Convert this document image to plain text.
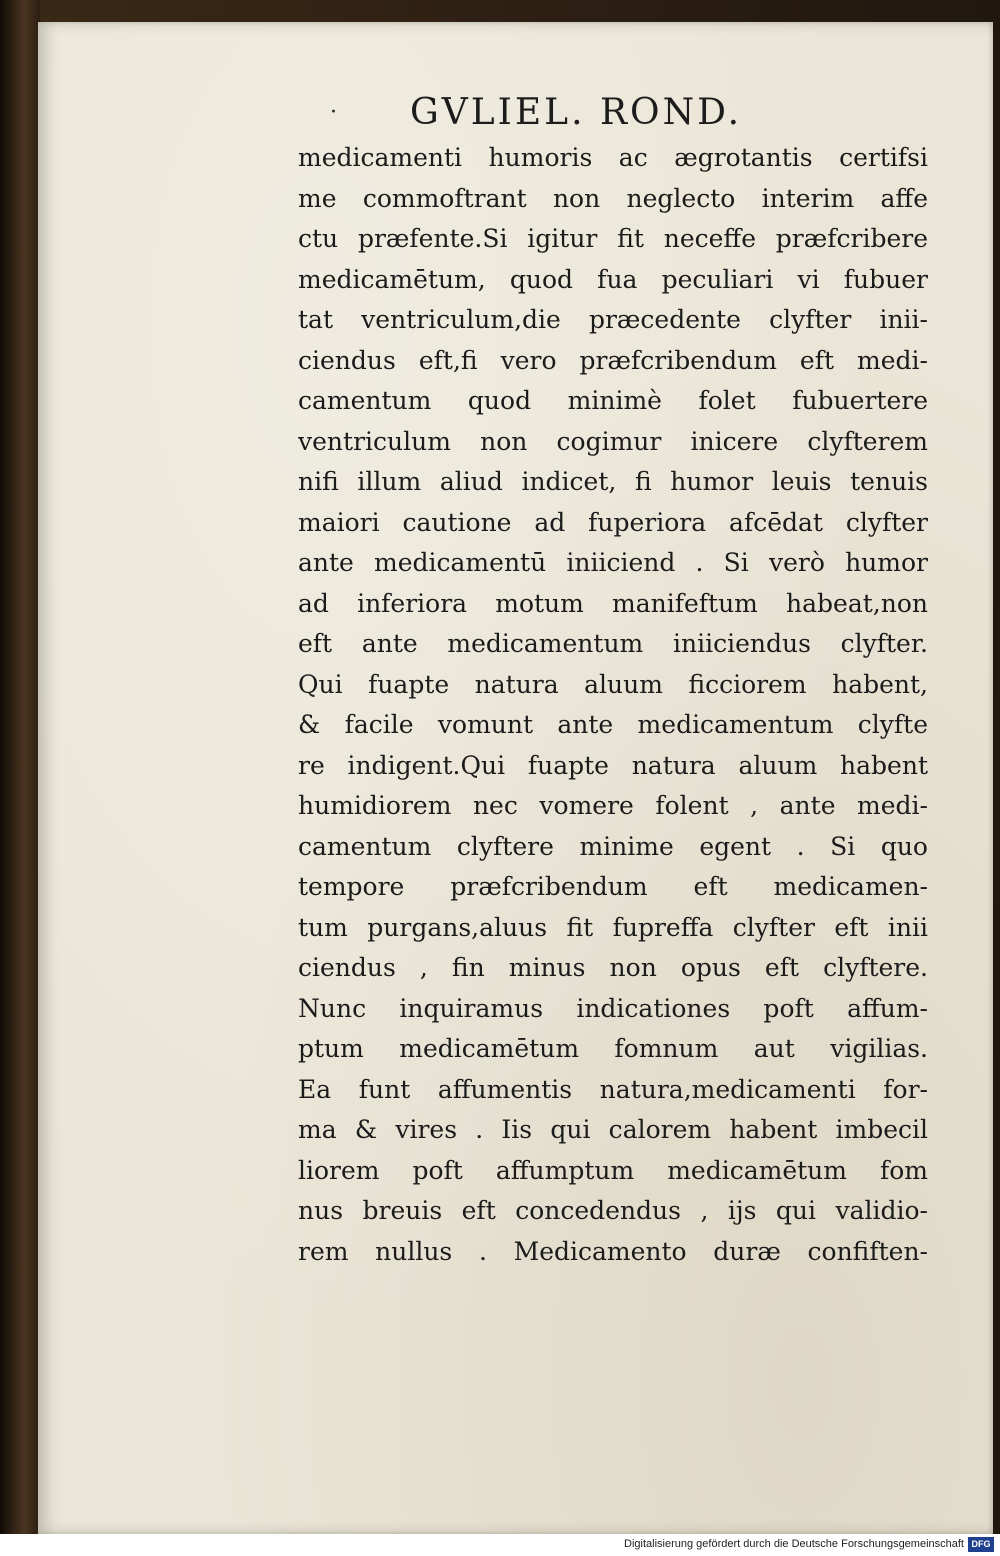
· GVLIEL. ROND.
medicamenti humoris ac ægrotantis certifsi
me commoftrant non neglecto interim affe
ctu præfente.Si igitur fit neceffe præfcribere
medicamētum, quod fua peculiari vi fubuer
tat ventriculum,die præcedente clyfter inii-
ciendus eft,fi vero præfcribendum eft medi-
camentum quod minimè folet fubuertere
ventriculum non cogimur inicere clyfterem
nifi illum aliud indicet, fi humor leuis tenuis
maiori cautione ad fuperiora afcēdat clyfter
ante medicamentū iniiciend . Si verò humor
ad inferiora motum manifeftum habeat,non
eft ante medicamentum iniiciendus clyfter.
Qui fuapte natura aluum ficciorem habent,
& facile vomunt ante medicamentum clyfte
re indigent.Qui fuapte natura aluum habent
humidiorem nec vomere folent , ante medi-
camentum clyftere minime egent . Si quo
tempore præfcribendum eft medicamen-
tum purgans,aluus fit fupreffa clyfter eft inii
ciendus , fin minus non opus eft clyftere.
Nunc inquiramus indicationes poft affum-
ptum medicamētum fomnum aut vigilias.
Ea funt affumentis natura,medicamenti for-
ma & vires . Iis qui calorem habent imbecil
liorem poft affumptum medicamētum fom
nus breuis eft concedendus , ijs qui validio-
rem nullus . Medicamento duræ confiften-
Digitalisierung gefördert durch die Deutsche Forschungsgemeinschaft DFG
